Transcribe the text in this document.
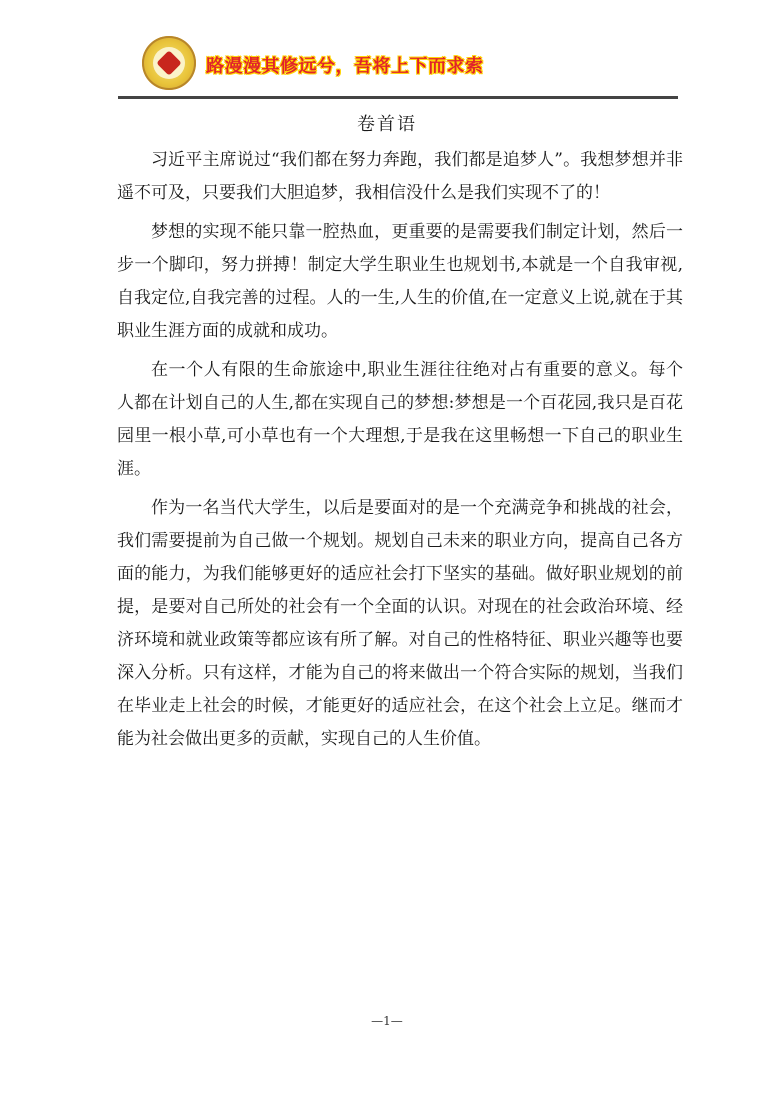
路漫漫其修远兮，吾将上下而求索
卷首语

习近平主席说过“我们都在努力奔跑，我们都是追梦人”。我想梦想并非遥不可及，只要我们大胆追梦，我相信没什么是我们实现不了的！

梦想的实现不能只靠一腔热血，更重要的是需要我们制定计划，然后一步一个脚印，努力拼搏！制定大学生职业生也规划书,本就是一个自我审视,自我定位,自我完善的过程。人的一生,人生的价值,在一定意义上说,就在于其职业生涯方面的成就和成功。

在一个人有限的生命旅途中,职业生涯往往绝对占有重要的意义。每个人都在计划自己的人生,都在实现自己的梦想:梦想是一个百花园,我只是百花园里一根小草,可小草也有一个大理想,于是我在这里畅想一下自己的职业生涯。

作为一名当代大学生，以后是要面对的是一个充满竞争和挑战的社会，我们需要提前为自己做一个规划。规划自己未来的职业方向，提高自己各方面的能力，为我们能够更好的适应社会打下坚实的基础。做好职业规划的前提，是要对自己所处的社会有一个全面的认识。对现在的社会政治环境、经济环境和就业政策等都应该有所了解。对自己的性格特征、职业兴趣等也要深入分析。只有这样，才能为自己的将来做出一个符合实际的规划，当我们在毕业走上社会的时候，才能更好的适应社会，在这个社会上立足。继而才能为社会做出更多的贡献，实现自己的人生价值。

—1—
